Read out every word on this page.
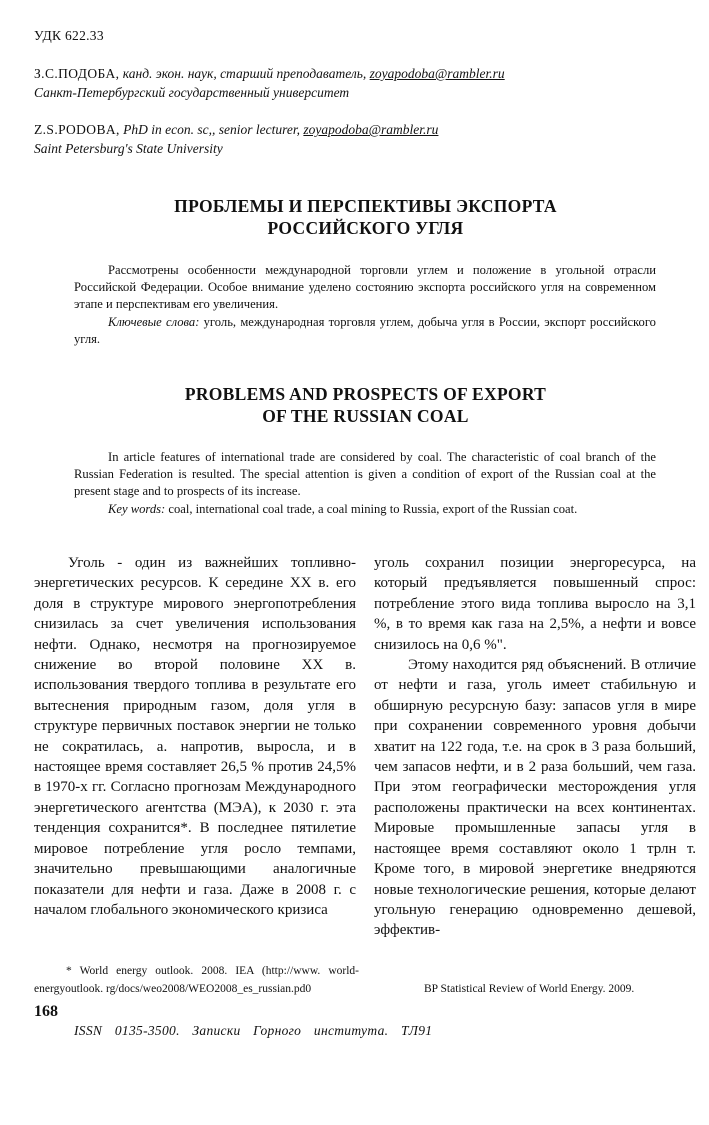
УДК 622.33
З.С.ПОДОБА, канд. экон. наук, старший преподаватель, zoyapodoba@rambler.ru
Санкт-Петербургский государственный университет
Z.S.PODOBA, PhD in econ. sc,, senior lecturer, zoyapodoba@rambler.ru
Saint Petersburg's State University
ПРОБЛЕМЫ И ПЕРСПЕКТИВЫ ЭКСПОРТА
РОССИЙСКОГО УГЛЯ

Рассмотрены особенности международной торговли углем и положение в угольной отрасли Российской Федерации. Особое внимание уделено состоянию экспорта российского угля на современном этапе и перспективам его увеличения.

Ключевые слова: уголь, международная торговля углем, добыча угля в России, экспорт российского угля.

PROBLEMS AND PROSPECTS OF EXPORT
OF THE RUSSIAN COAL

In article features of international trade are considered by coal. The characteristic of coal branch of the Russian Federation is resulted. The special attention is given a condition of export of the Russian coal at the present stage and to prospects of its increase.

Key words: coal, international coal trade, a coal mining to Russia, export of the Russian coat.

Уголь - один из важнейших топливно-энергетических ресурсов. К середине XX в. его доля в структуре мирового энергопотребления снизилась за счет увеличения использования нефти. Однако, несмотря на прогнозируемое снижение во второй половине XX в. использования твердого топлива в результате его вытеснения природным газом, доля угля в структуре первичных поставок энергии не только не сократилась, а. напротив, выросла, и в настоящее время составляет 26,5 % против 24,5% в 1970-х гг. Согласно прогнозам Международного энергетического агентства (МЭА), к 2030 г. эта тенденция сохранится*. В последнее пятилетие мировое потребление угля росло темпами, значительно превышающими аналогичные показатели для нефти и газа. Даже в 2008 г. с началом глобального экономического кризиса

уголь сохранил позиции энергоресурса, на который предъявляется повышенный спрос: потребление этого вида топлива выросло на 3,1 %, в то время как газа на 2,5%, а нефти и вовсе снизилось на 0,6 %".

Этому находится ряд объяснений. В отличие от нефти и газа, уголь имеет стабильную и обширную ресурсную базу: запасов угля в мире при сохранении современного уровня добычи хватит на 122 года, т.е. на срок в 3 раза больший, чем запасов нефти, и в 2 раза больший, чем газа. При этом географически месторождения угля расположены практически на всех континентах. Мировые промышленные запасы угля в настоящее время составляют около 1 трлн т. Кроме того, в мировой энергетике внедряются новые технологические решения, которые делают угольную генерацию одновременно дешевой, эффектив-

* World energy outlook. 2008. IEA (http://www. world-energyoutlook. rg/docs/weo2008/WEO2008_es_russian.pd0	BP Statistical Review of World Energy. 2009.
168
ISSN 0135-3500. Записки Горного института. ТЛ91
